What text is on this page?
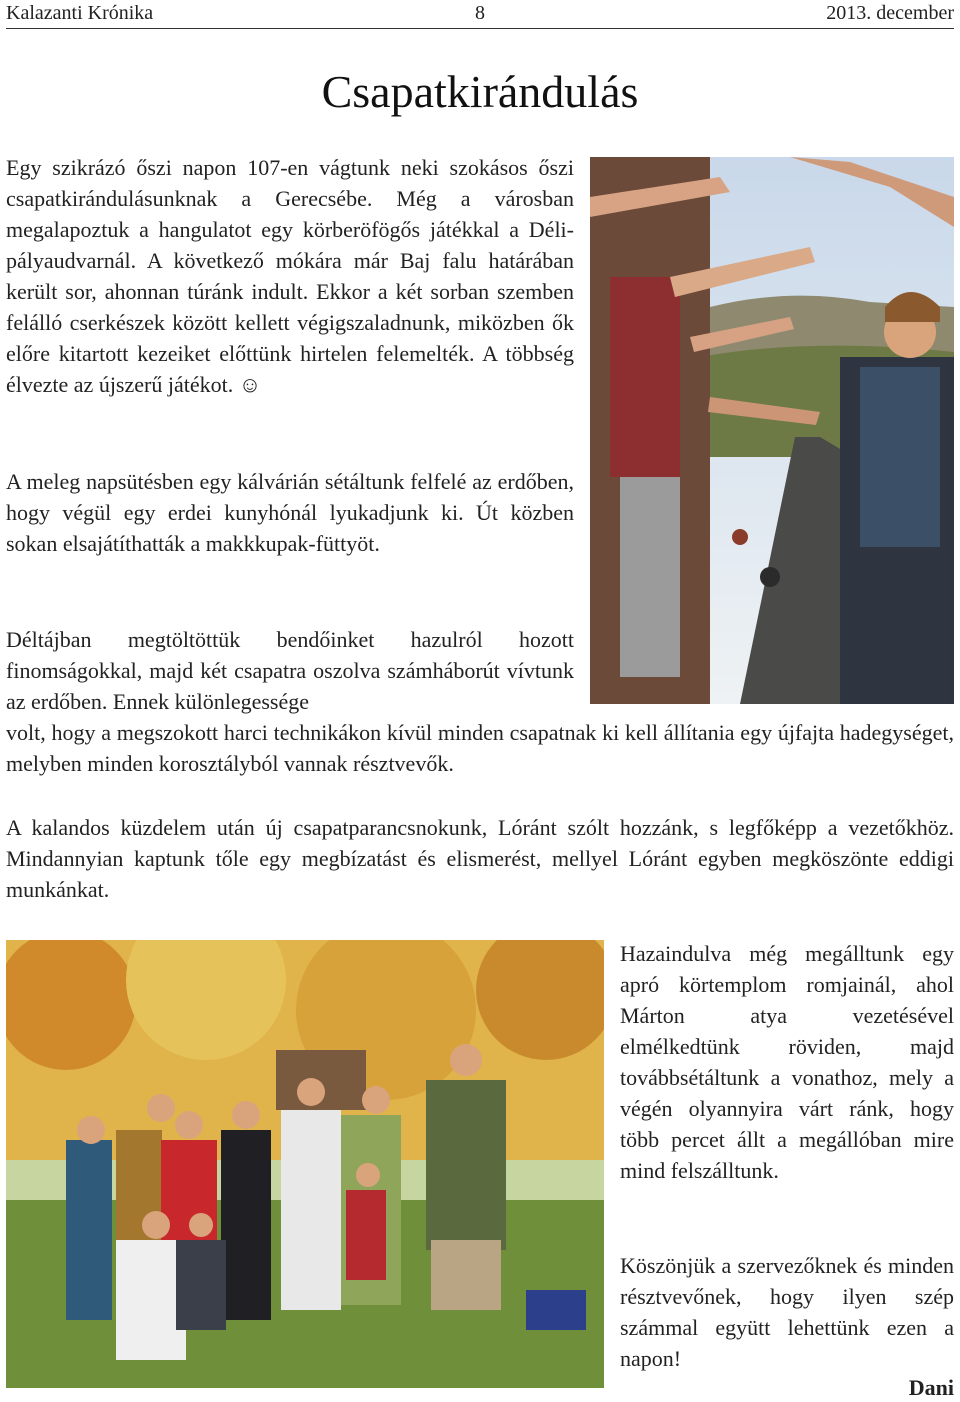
Kalazanti Krónika	8	2013. december
Csapatkirándulás

Egy szikrázó őszi napon 107-en vágtunk neki szokásos őszi csapatkirándulásunknak a Gerecsébe. Még a városban megalapoztuk a hangulatot egy körberöfögős játékkal a Déli-pályaudvarnál. A következő mókára már Baj falu határában került sor, ahonnan túránk indult. Ekkor a két sorban szemben felálló cserkészek között kellett végigszaladnunk, miközben ők előre kitartott kezeiket előttünk hirtelen felemelték. A többség élvezte az újszerű játékot. ☺

A meleg napsütésben egy kálvárián sétáltunk felfelé az erdőben, hogy végül egy erdei kunyhónál lyukadjunk ki. Út közben sokan elsajátíthatták a makkkupak-füttyöt.

Déltájban megtöltöttük bendőinket hazulról hozott finomságokkal, majd két csapatra oszolva számháborút vívtunk az erdőben. Ennek különlegessége

volt, hogy a megszokott harci technikákon kívül minden csapatnak ki kell állítania egy újfajta hadegységet, melyben minden korosztályból vannak résztvevők.

A kalandos küzdelem után új csapatparancsnokunk, Lóránt szólt hozzánk, s legfőképp a vezetőkhöz. Mindannyian kaptunk tőle egy megbízatást és elismerést, mellyel Lóránt egyben megköszönte eddigi munkánkat.

Hazaindulva még megálltunk egy apró körtemplom romjainál, ahol Márton atya vezetésével elmélkedtünk röviden, majd továbbsétáltunk a vonathoz, mely a végén olyannyira várt ránk, hogy több percet állt a megállóban mire mind felszálltunk.

Köszönjük a szervezőknek és minden résztvevőnek, hogy ilyen szép számmal együtt lehettünk ezen a napon!

Dani
